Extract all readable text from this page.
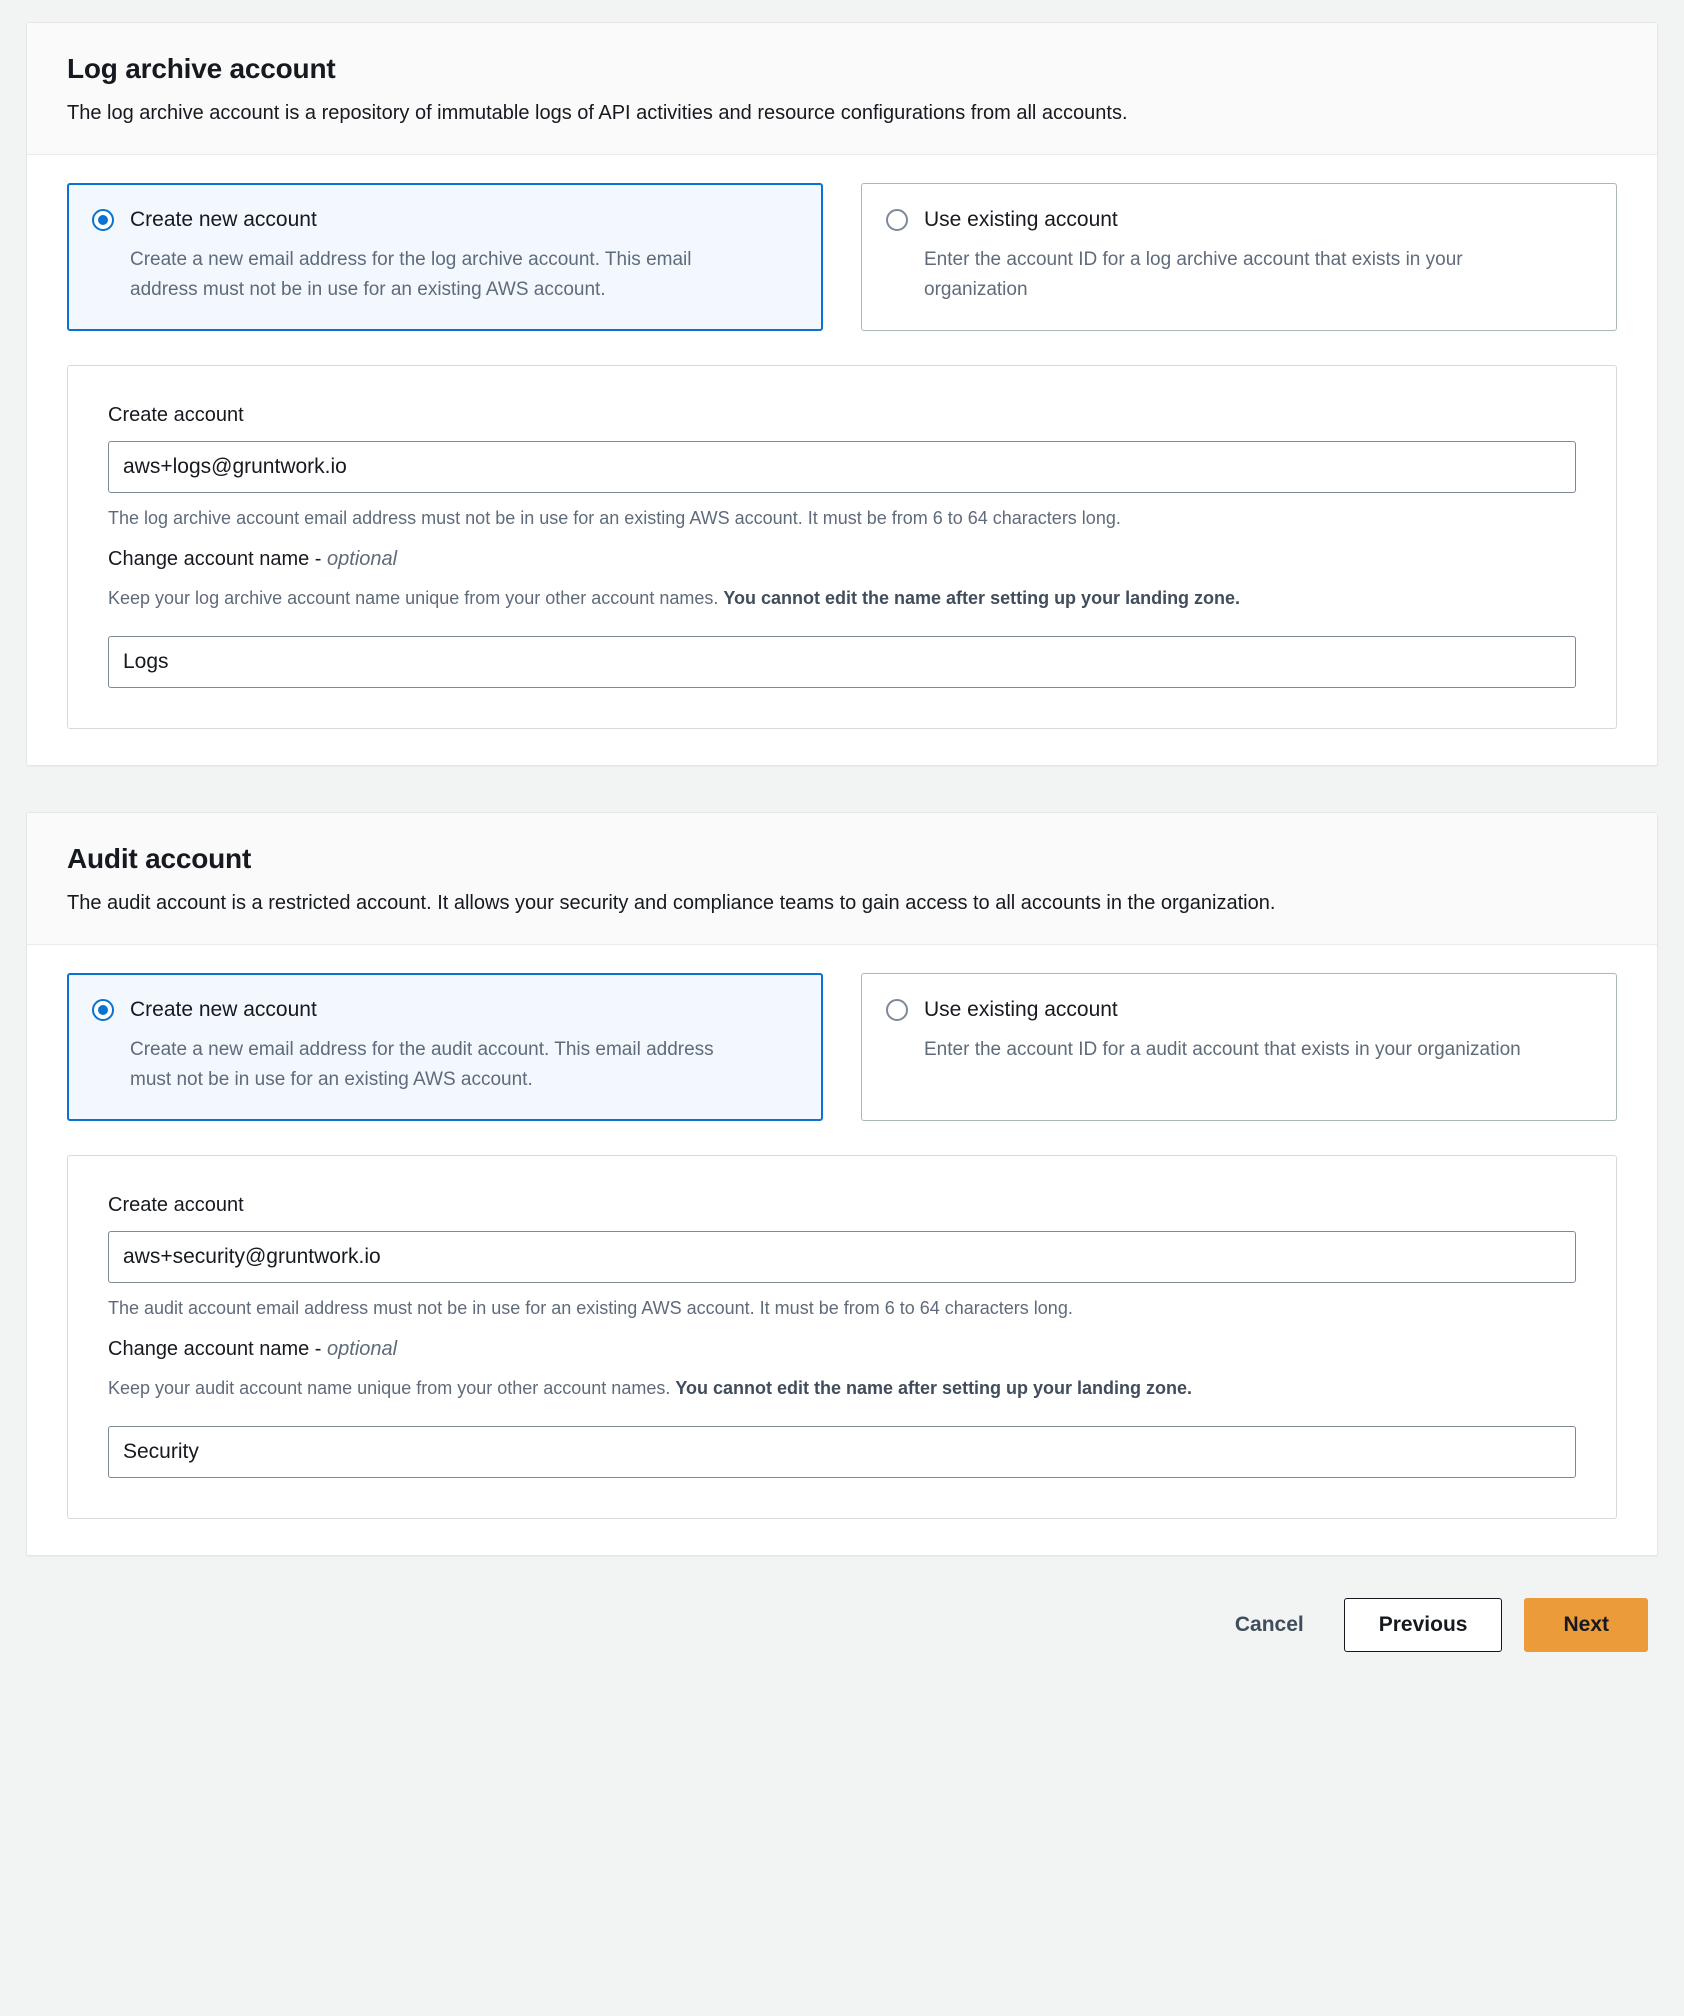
Log archive account

The log archive account is a repository of immutable logs of API activities and resource configurations from all accounts.

Create new account
Create a new email address for the log archive account. This email address must not be in use for an existing AWS account.
Use existing account
Enter the account ID for a log archive account that exists in your organization
Create account
aws+logs@gruntwork.io

The log archive account email address must not be in use for an existing AWS account. It must be from 6 to 64 characters long.

Change account name - optional

Keep your log archive account name unique from your other account names. You cannot edit the name after setting up your landing zone.

Logs
Audit account

The audit account is a restricted account. It allows your security and compliance teams to gain access to all accounts in the organization.

Create new account
Create a new email address for the audit account. This email address must not be in use for an existing AWS account.
Use existing account
Enter the account ID for a audit account that exists in your organization
Create account
aws+security@gruntwork.io

The audit account email address must not be in use for an existing AWS account. It must be from 6 to 64 characters long.

Change account name - optional

Keep your audit account name unique from your other account names. You cannot edit the name after setting up your landing zone.

Security
Cancel	Previous	Next
